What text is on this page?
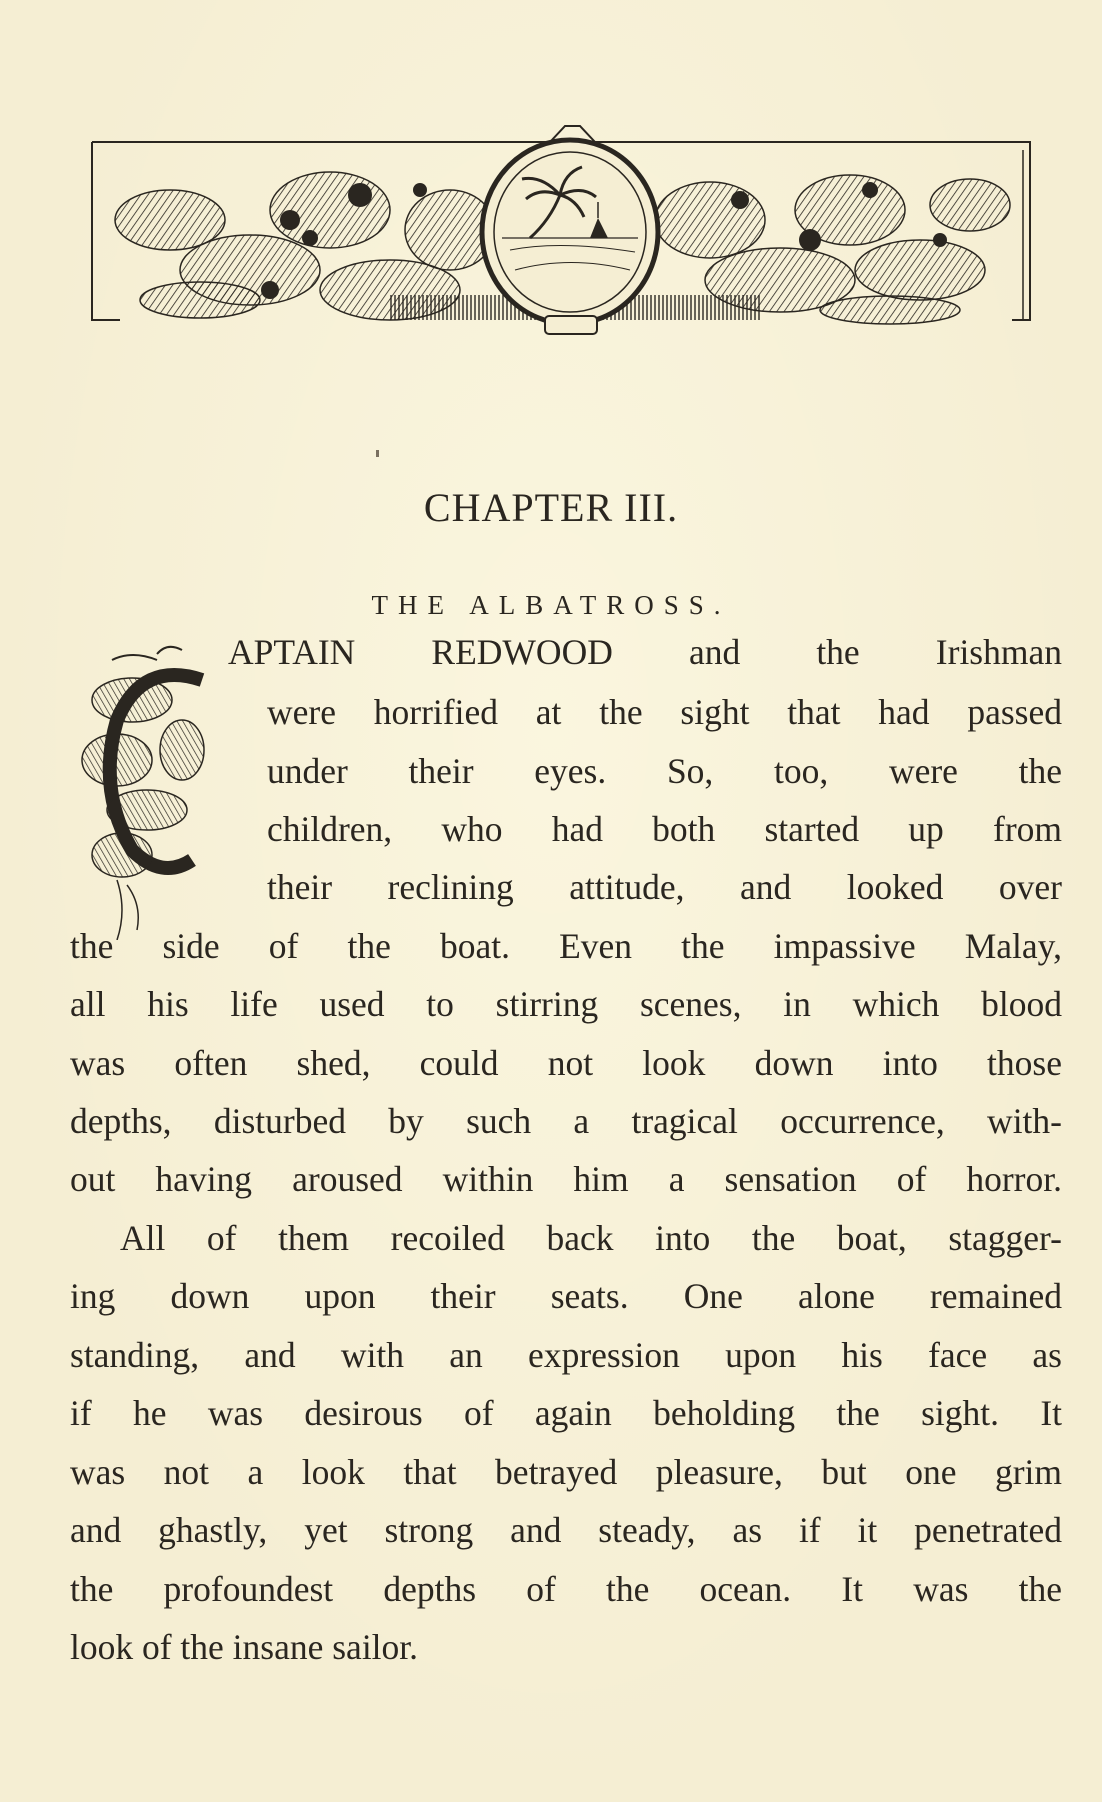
CHAPTER III.
THE ALBATROSS.
APTAIN REDWOOD and the Irishman
were horrified at the sight that had passed
under their eyes. So, too, were the
children, who had both started up from
their reclining attitude, and looked over
the side of the boat. Even the impassive Malay,
all his life used to stirring scenes, in which blood
was often shed, could not look down into those
depths, disturbed by such a tragical occurrence, with-
out having aroused within him a sensation of horror.
All of them recoiled back into the boat, stagger-
ing down upon their seats. One alone remained
standing, and with an expression upon his face as
if he was desirous of again beholding the sight. It
was not a look that betrayed pleasure, but one grim
and ghastly, yet strong and steady, as if it penetrated
the profoundest depths of the ocean. It was the
look of the insane sailor.
